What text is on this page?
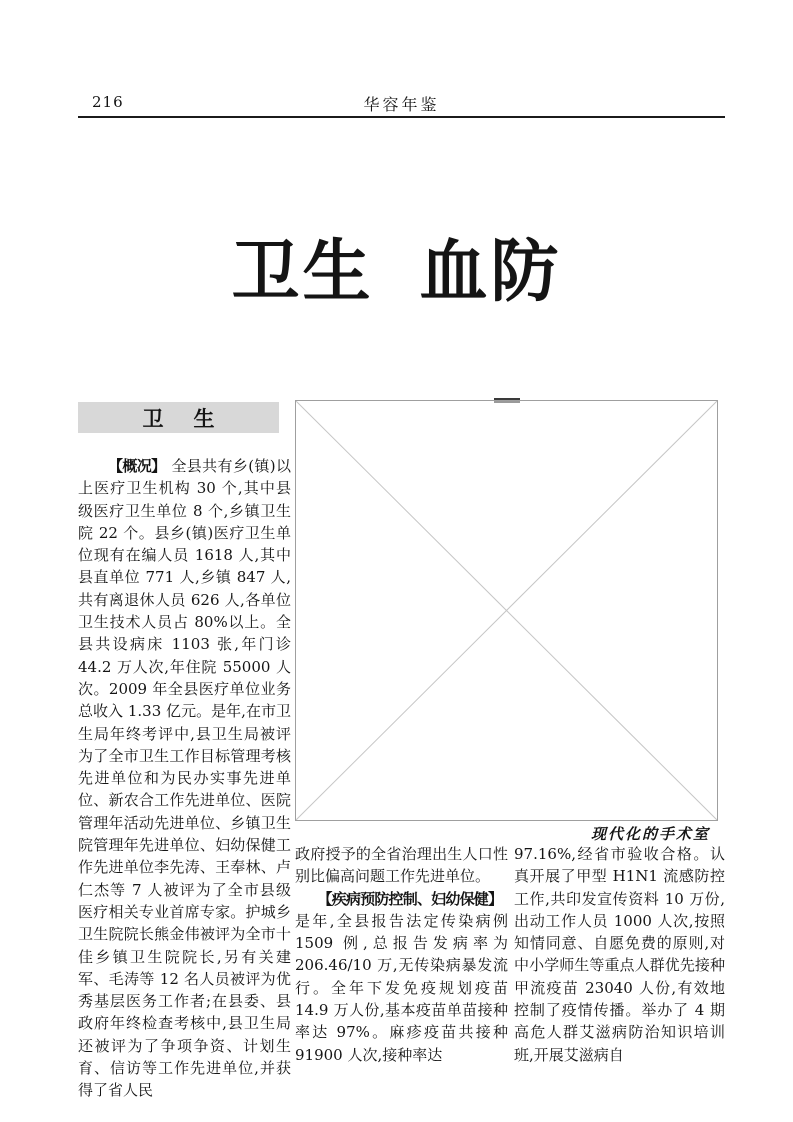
216	华容年鉴
卫生 血防
卫 生

【概况】 全县共有乡(镇)以上医疗卫生机构 30 个,其中县级医疗卫生单位 8 个,乡镇卫生院 22 个。县乡(镇)医疗卫生单位现有在编人员 1618 人,其中县直单位 771 人,乡镇 847 人,共有离退休人员 626 人,各单位卫生技术人员占 80%以上。全县共设病床 1103 张,年门诊 44.2 万人次,年住院 55000 人次。2009 年全县医疗单位业务总收入 1.33 亿元。是年,在市卫生局年终考评中,县卫生局被评为了全市卫生工作目标管理考核先进单位和为民办实事先进单位、新农合工作先进单位、医院管理年活动先进单位、乡镇卫生院管理年先进单位、妇幼保健工作先进单位李先涛、王奉林、卢仁杰等 7 人被评为了全市县级医疗相关专业首席专家。护城乡卫生院院长熊金伟被评为全市十佳乡镇卫生院院长,另有关建军、毛涛等 12 名人员被评为优秀基层医务工作者;在县委、县政府年终检查考核中,县卫生局还被评为了争项争资、计划生育、信访等工作先进单位,并获得了省人民

现代化的手术室

政府授予的全省治理出生人口性别比偏高问题工作先进单位。

【疾病预防控制、妇幼保健】是年,全县报告法定传染病例 1509 例,总报告发病率为 206.46/10 万,无传染病暴发流行。全年下发免疫规划疫苗 14.9 万人份,基本疫苗单苗接种率达 97%。麻疹疫苗共接种 91900 人次,接种率达

97.16%,经省市验收合格。认真开展了甲型 H1N1 流感防控工作,共印发宣传资料 10 万份,出动工作人员 1000 人次,按照知情同意、自愿免费的原则,对中小学师生等重点人群优先接种甲流疫苗 23040 人份,有效地控制了疫情传播。举办了 4 期高危人群艾滋病防治知识培训班,开展艾滋病自
